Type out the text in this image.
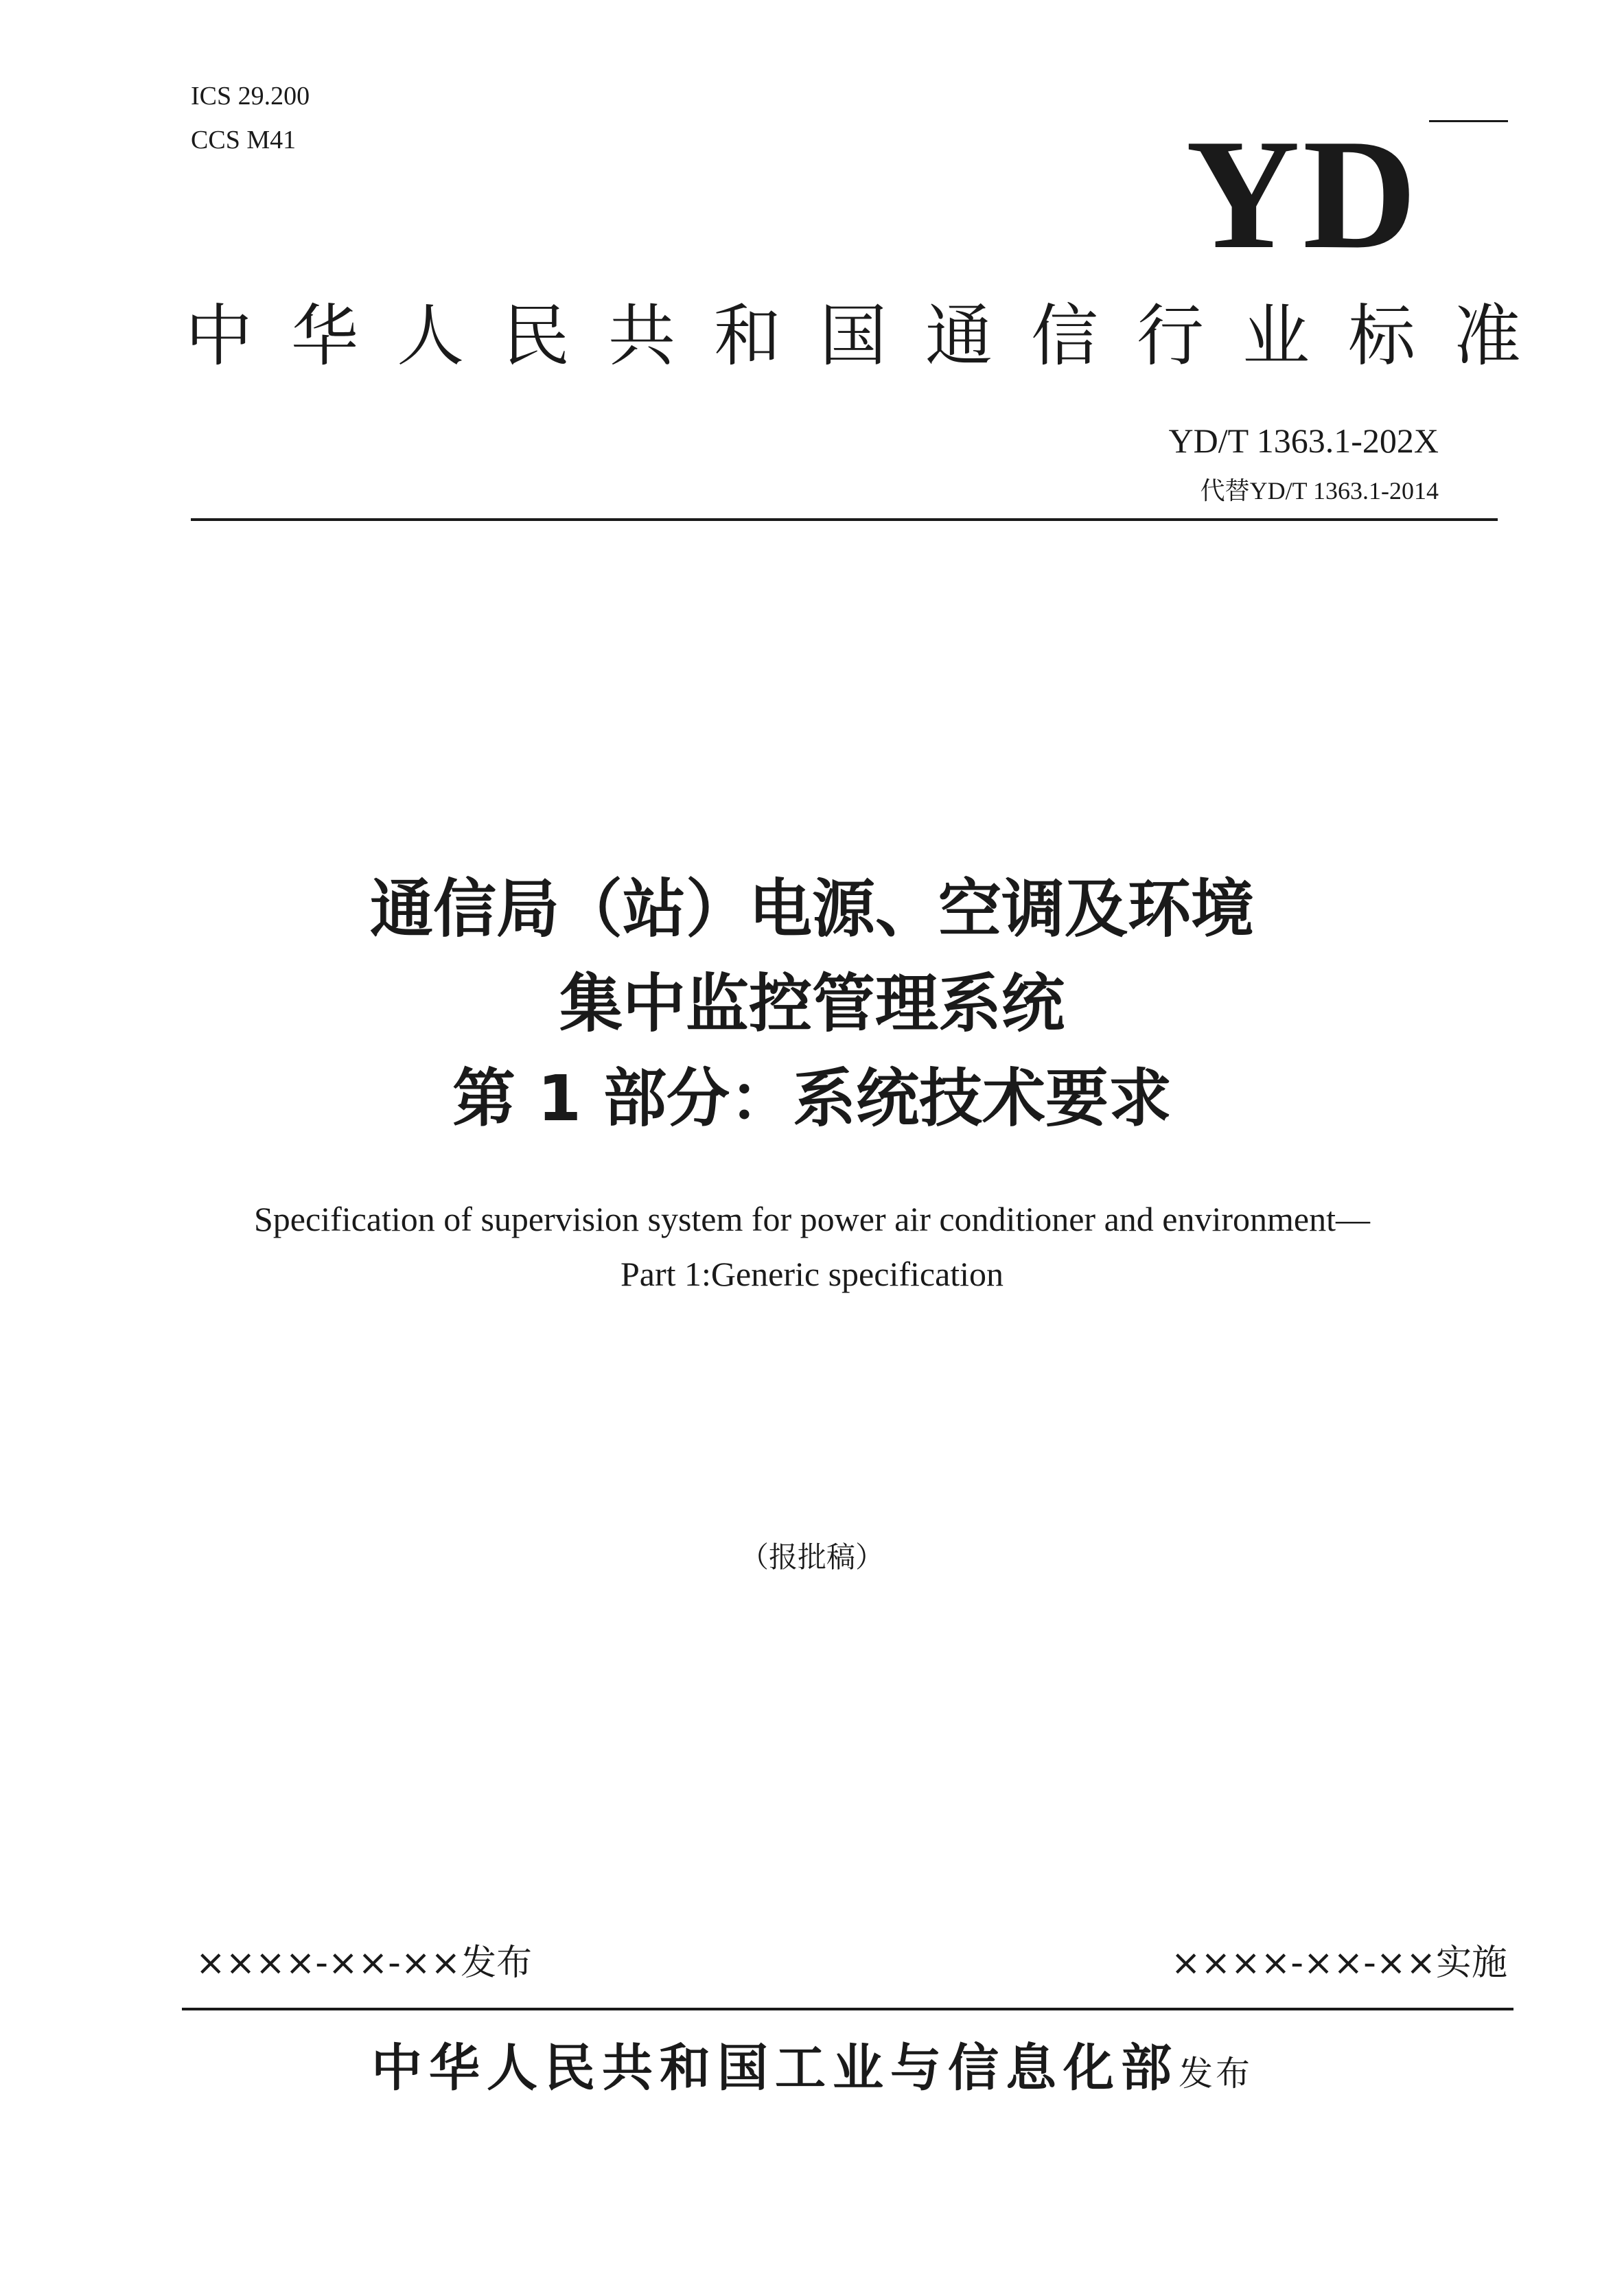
ICS 29.200
CCS M41	YD
中华人民共和国通信行业标准
YD/T 1363.1-202X
代替YD/T 1363.1-2014
通信局（站）电源、空调及环境
集中监控管理系统
第 1 部分：系统技术要求
Specification of supervision system for power air conditioner and environment—
Part 1:Generic specification
（报批稿）
××××-××-××发布	××××-××-××实施
中华人民共和国工业与信息化部发布
